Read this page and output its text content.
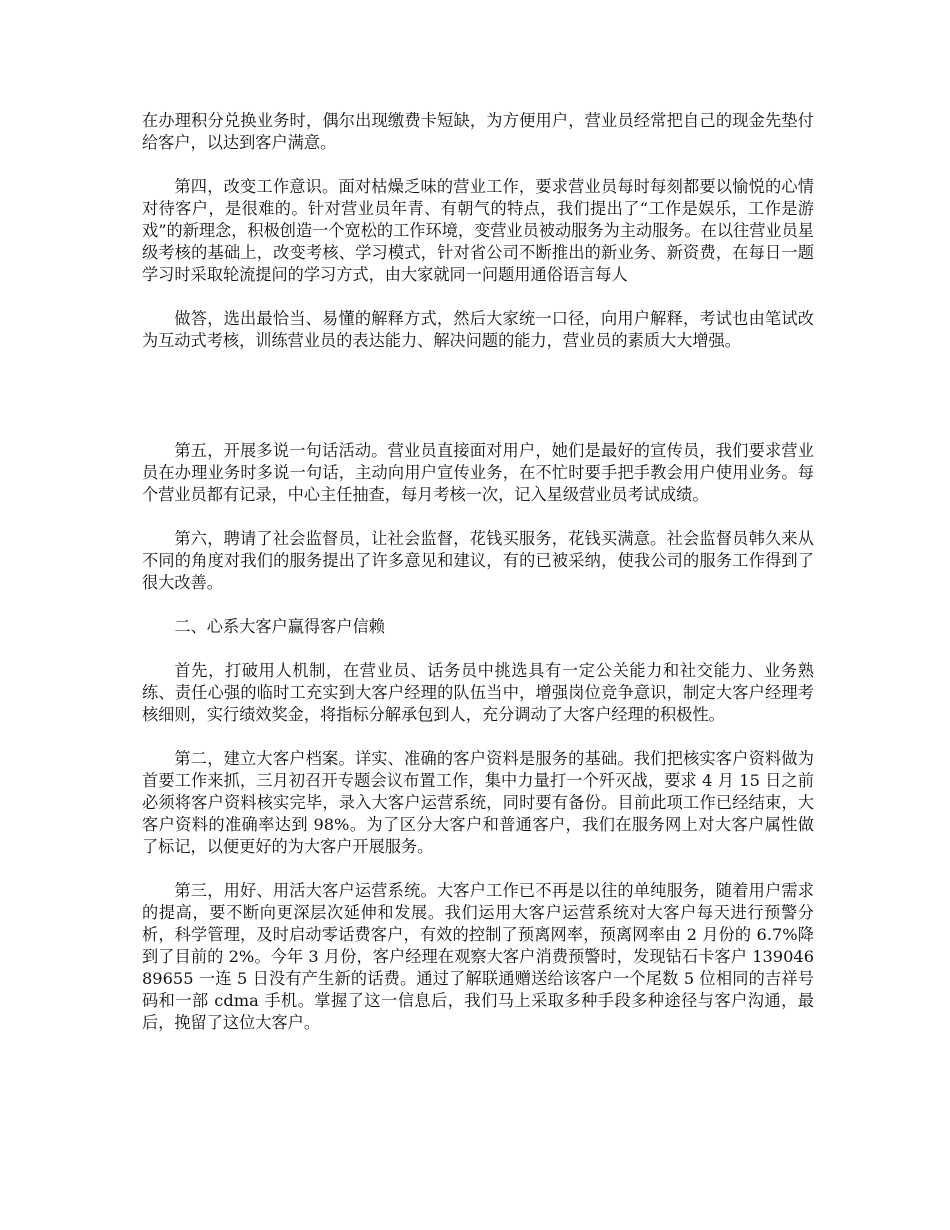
在办理积分兑换业务时，偶尔出现缴费卡短缺，为方便用户，营业员经常把自己的现金先垫付给客户，以达到客户满意。

第四，改变工作意识。面对枯燥乏味的营业工作，要求营业员每时每刻都要以愉悦的心情对待客户，是很难的。针对营业员年青、有朝气的特点，我们提出了“工作是娱乐，工作是游戏”的新理念，积极创造一个宽松的工作环境，变营业员被动服务为主动服务。在以往营业员星级考核的基础上，改变考核、学习模式，针对省公司不断推出的新业务、新资费，在每日一题学习时采取轮流提问的学习方式，由大家就同一问题用通俗语言每人

做答，选出最恰当、易懂的解释方式，然后大家统一口径，向用户解释，考试也由笔试改为互动式考核，训练营业员的表达能力、解决问题的能力，营业员的素质大大增强。

第五，开展多说一句话活动。营业员直接面对用户，她们是最好的宣传员，我们要求营业员在办理业务时多说一句话，主动向用户宣传业务，在不忙时要手把手教会用户使用业务。每个营业员都有记录，中心主任抽查，每月考核一次，记入星级营业员考试成绩。

第六，聘请了社会监督员，让社会监督，花钱买服务，花钱买满意。社会监督员韩久来从不同的角度对我们的服务提出了许多意见和建议，有的已被采纳，使我公司的服务工作得到了很大改善。

二、心系大客户赢得客户信赖

首先，打破用人机制，在营业员、话务员中挑选具有一定公关能力和社交能力、业务熟练、责任心强的临时工充实到大客户经理的队伍当中，增强岗位竞争意识，制定大客户经理考核细则，实行绩效奖金，将指标分解承包到人，充分调动了大客户经理的积极性。

第二，建立大客户档案。详实、准确的客户资料是服务的基础。我们把核实客户资料做为首要工作来抓，三月初召开专题会议布置工作，集中力量打一个歼灭战，要求 4 月 15 日之前必须将客户资料核实完毕，录入大客户运营系统，同时要有备份。目前此项工作已经结束，大客户资料的准确率达到 98%。为了区分大客户和普通客户，我们在服务网上对大客户属性做了标记，以便更好的为大客户开展服务。

第三，用好、用活大客户运营系统。大客户工作已不再是以往的单纯服务，随着用户需求的提高，要不断向更深层次延伸和发展。我们运用大客户运营系统对大客户每天进行预警分析，科学管理，及时启动零话费客户，有效的控制了预离网率，预离网率由 2 月份的 6.7%降到了目前的 2%。今年 3 月份，客户经理在观察大客户消费预警时，发现钻石卡客户 13904689655 一连 5 日没有产生新的话费。通过了解联通赠送给该客户一个尾数 5 位相同的吉祥号码和一部 cdma 手机。掌握了这一信息后，我们马上采取多种手段多种途径与客户沟通，最后，挽留了这位大客户。
